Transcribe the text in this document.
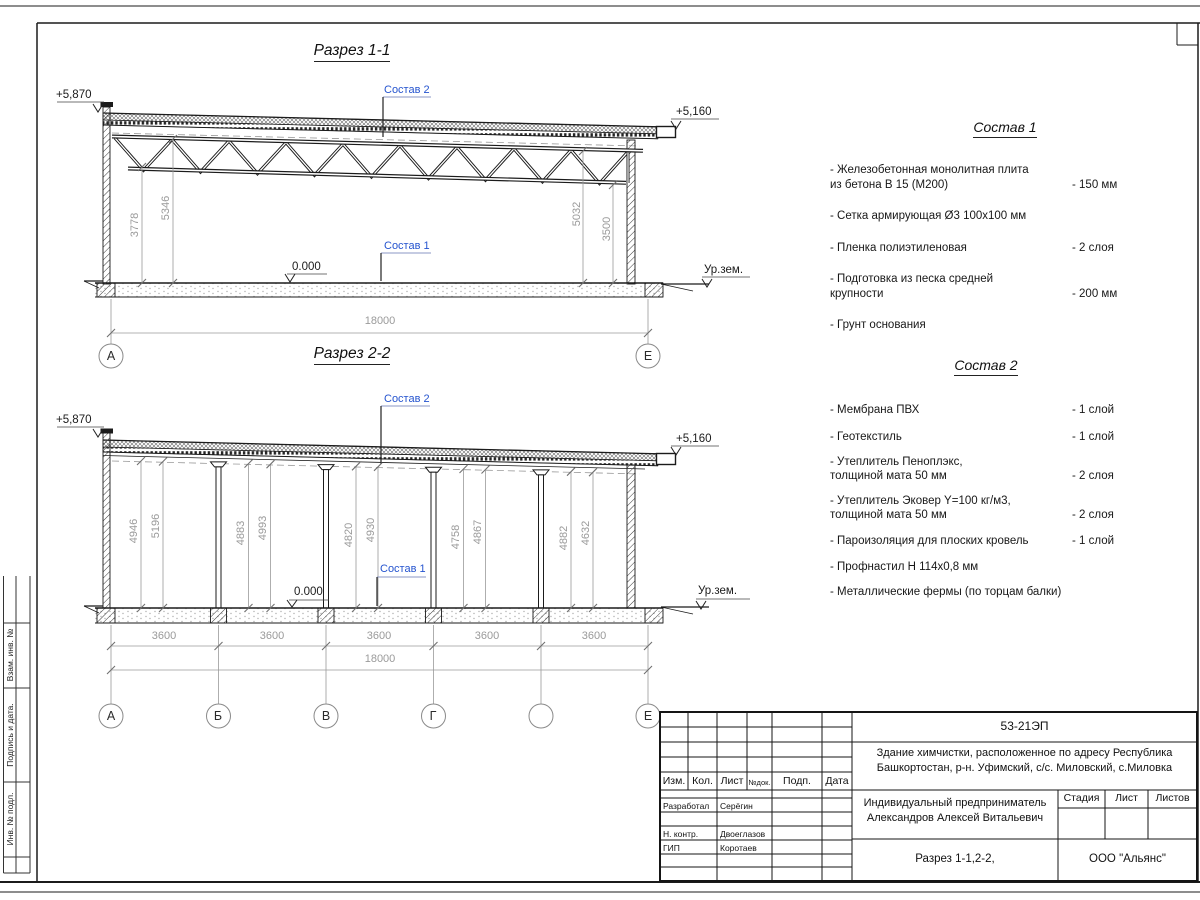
Разрез 1-1
+5,870	Состав 2
+5,160
Состав 1
0.000	Ур.зем.
3778
5346	5032
3500
18000
А	Е
Разрез 2-2
+5,870
Состав 2
+5,160
Состав 1
0.000	Ур.зем.
4946 5196	4883 4993	4820 4930	4758 4867	4882 4632
3600	3600	3600	3600	3600
18000
А	Б	В	Г	Е
Состав 1
- Железобетонная монолитная плита
из бетона В 15 (М200)	- 150 мм
- Сетка армирующая Ø3 100х100 мм
- Пленка полиэтиленовая	- 2 слоя
- Подготовка из песка средней
крупности	- 200 мм
- Грунт основания
Состав 2
- Мембрана ПВХ	- 1 слой
- Геотекстиль	- 1 слой
- Утеплитель Пеноплэкс,
толщиной мата 50 мм	- 2 слоя
- Утеплитель Эковер Y=100 кг/м3,
толщиной мата 50 мм	- 2 слоя
- Пароизоляция для плоских кровель	- 1 слой
- Профнастил Н 114х0,8 мм
- Металлические фермы (по торцам балки)
53-21ЭП
Здание химчистки, расположенное по адресу Республика
Башкортостан, р-н. Уфимский, с/с. Миловский, с.Миловка
Изм. Кол. Лист №док.	Подп.	Дата
Разработал Серёгин
Н. контр.	Двоеглазов
ГИП	Коротаев
Индивидуальный предприниматель
Александров Алексей Витальевич
Стадия	Лист	Листов
Разрез 1-1,2-2,	ООО "Альянс"
Взам. инв. №
Подпись и дата.
Инв. № подл.
